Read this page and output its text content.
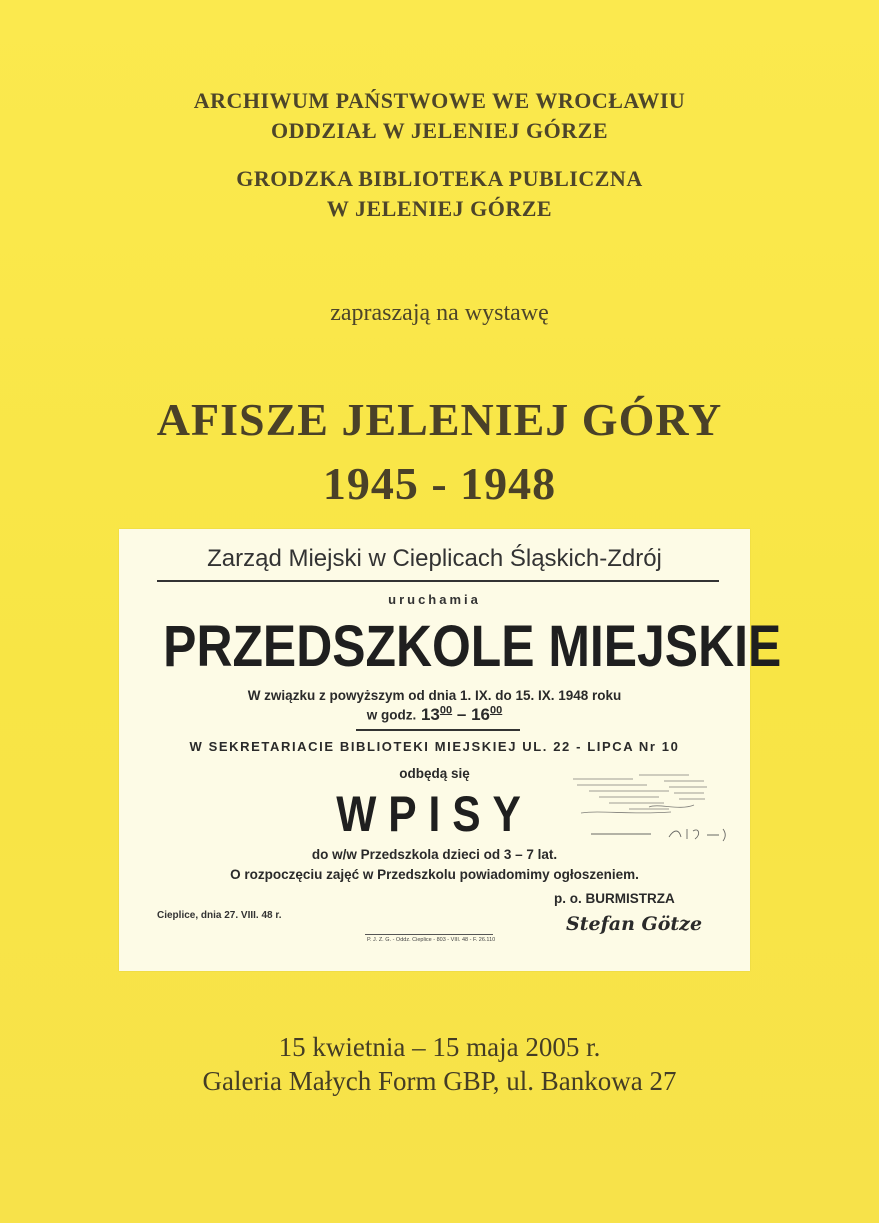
ARCHIWUM PAŃSTWOWE WE WROCŁAWIU
ODDZIAŁ W JELENIEJ GÓRZE
GRODZKA BIBLIOTEKA PUBLICZNA
W JELENIEJ GÓRZE
zapraszają na wystawę
AFISZE JELENIEJ GÓRY
1945 - 1948
Zarząd Miejski w Cieplicach Śląskich-Zdrój
uruchamia
PRZEDSZKOLE MIEJSKIE
W związku z powyższym od dnia 1. IX. do 15. IX. 1948 roku
w godz. $13^{00} - 16^{00}$
W SEKRETARIACIE BIBLIOTEKI MIEJSKIEJ UL. 22 - LIPCA Nr 10
odbędą się
WPISY
do w/w Przedszkola dzieci od 3 – 7 lat.
O rozpoczęciu zajęć w Przedszkolu powiadomimy ogłoszeniem.
Cieplice, dnia 27. VIII. 48 r.
p. o. BURMISTRZA
Stefan Götze
P. J. Z. G. - Oddz. Cieplice - 803 - VIII. 48 - F. 26.110
15 kwietnia – 15 maja 2005 r.
Galeria Małych Form GBP, ul. Bankowa 27
